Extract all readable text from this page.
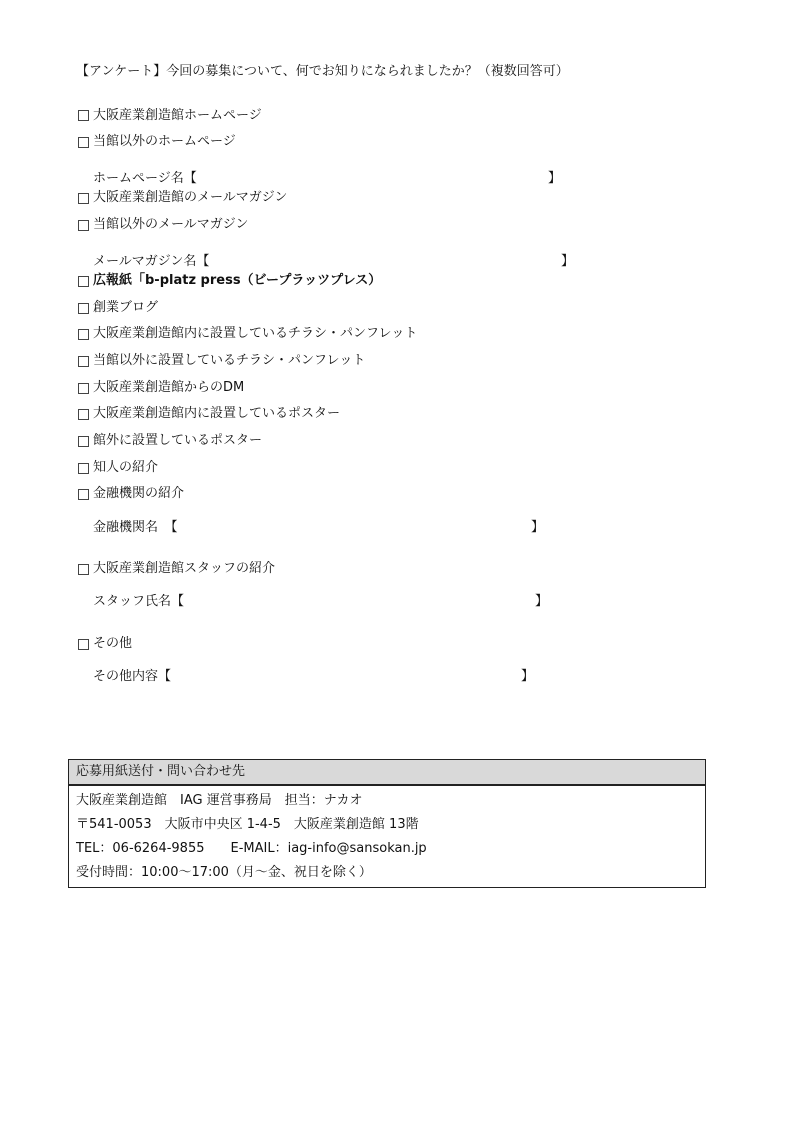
【アンケート】今回の募集について、何でお知りになられましたか？（複数回答可）
大阪産業創造館ホームページ
当館以外のホームページ
ホームページ名【	】
大阪産業創造館のメールマガジン
当館以外のメールマガジン
メールマガジン名【	】
広報紙「b-platz press（ビープラッツプレス）
創業ブログ
大阪産業創造館内に設置しているチラシ・パンフレット
当館以外に設置しているチラシ・パンフレット
大阪産業創造館からのDM
大阪産業創造館内に設置しているポスター
館外に設置しているポスター
知人の紹介
金融機関の紹介
金融機関名　【	】
大阪産業創造館スタッフの紹介
スタッフ氏名【	】
その他
その他内容【	】
応募用紙送付・問い合わせ先
大阪産業創造館　IAG 運営事務局　担当：ナカオ
〒541-0053　大阪市中央区 1-4-5　大阪産業創造館 13階
TEL：06-6264-9855　　E-MAIL：iag-info@sansokan.jp
受付時間：10:00～17:00（月～金、祝日を除く）
